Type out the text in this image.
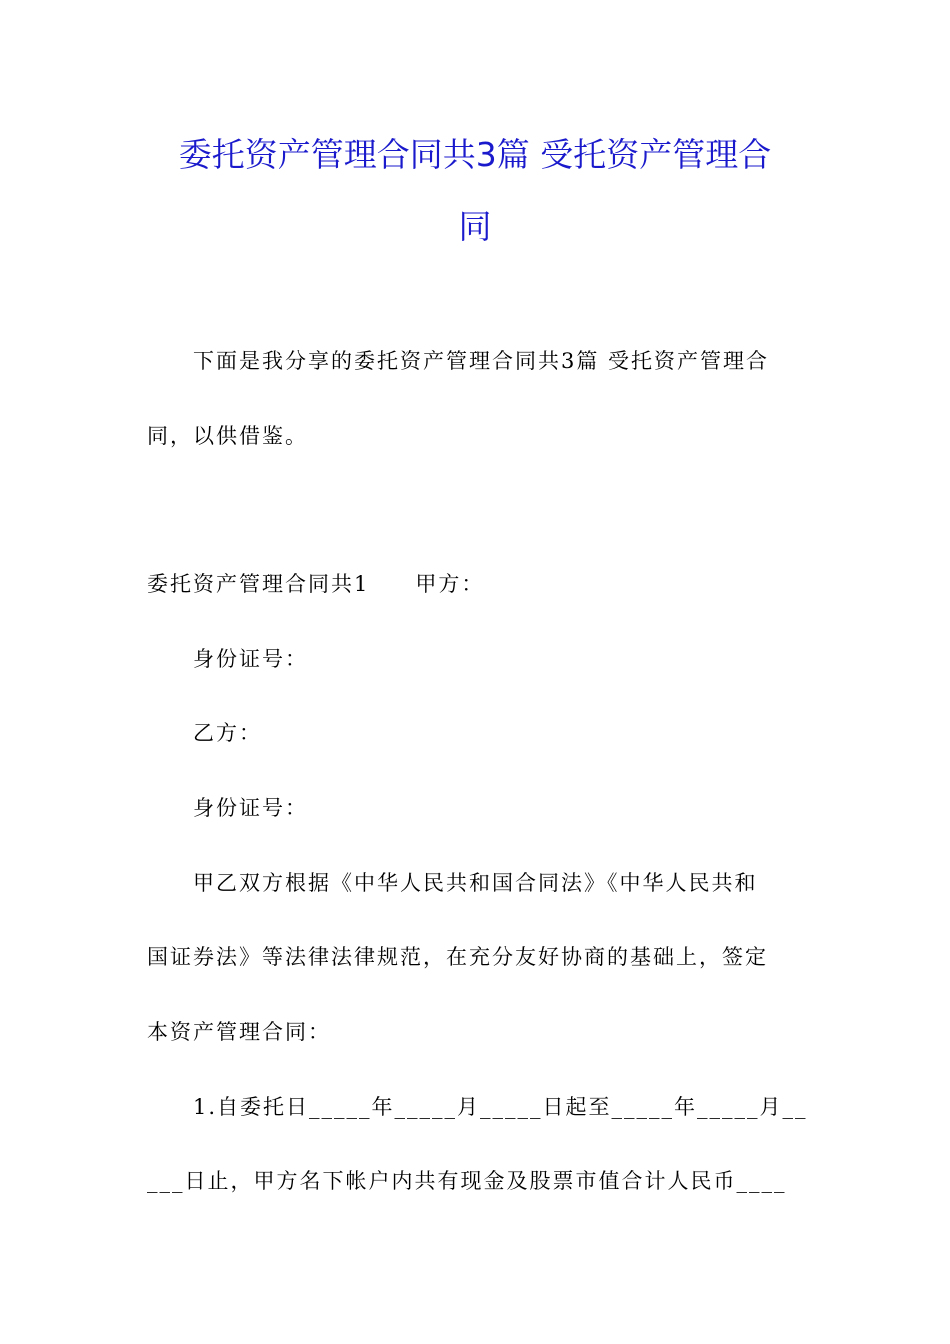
委托资产管理合同共3篇 受托资产管理合
同

下面是我分享的委托资产管理合同共3篇 受托资产管理合

同，以供借鉴。

委托资产管理合同共1　　甲方：

身份证号：

乙方：

身份证号：

甲乙双方根据《中华人民共和国合同法》《中华人民共和

国证券法》等法律法律规范，在充分友好协商的基础上，签定

本资产管理合同：

1.自委托日_____年_____月_____日起至_____年_____月__

___日止，甲方名下帐户内共有现金及股票市值合计人民币____
